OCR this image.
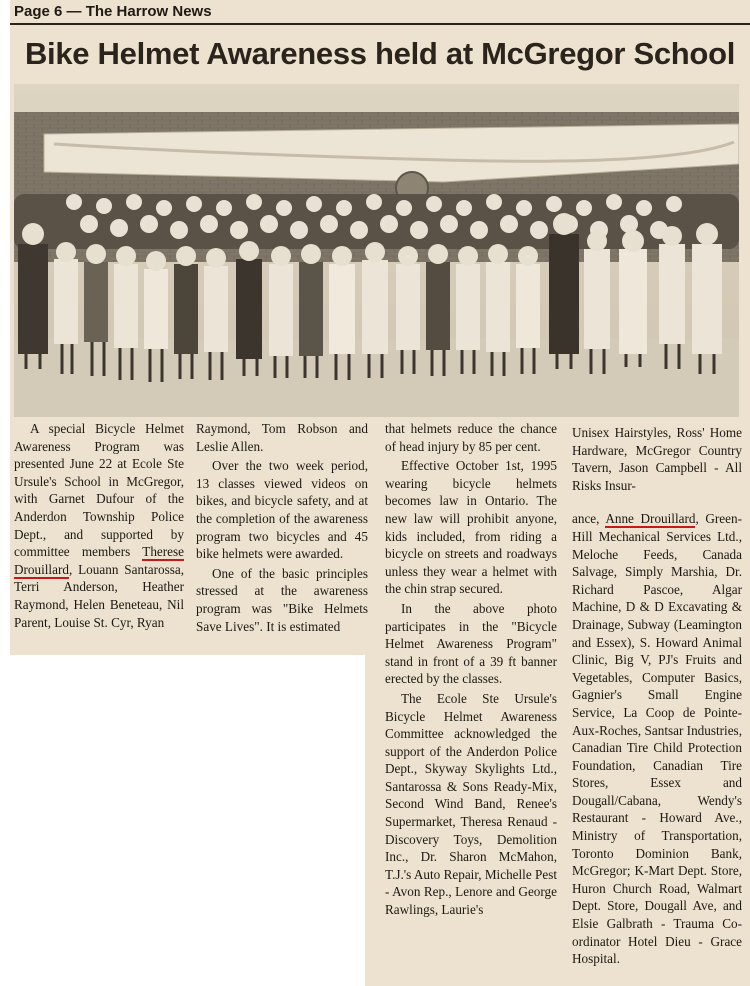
Page 6 — The Harrow News
Bike Helmet Awareness held at McGregor School

A special Bicycle Helmet Awareness Program was presented June 22 at Ecole Ste Ursule's School in McGregor, with Garnet Dufour of the Anderdon Township Police Dept., and supported by committee members Therese Drouillard, Louann Santarossa, Terri Anderson, Heather Raymond, Helen Beneteau, Nil Parent, Louise St. Cyr, Ryan

Raymond, Tom Robson and Leslie Allen.

Over the two week period, 13 classes viewed videos on bikes, and bicycle safety, and at the completion of the awareness program two bicycles and 45 bike helmets were awarded.

One of the basic principles stressed at the awareness program was "Bike Helmets Save Lives". It is estimated

that helmets reduce the chance of head injury by 85 per cent.

Effective October 1st, 1995 wearing bicycle helmets becomes law in Ontario. The new law will prohibit anyone, kids included, from riding a bicycle on streets and roadways unless they wear a helmet with the chin strap secured.

In the above photo participates in the "Bicycle Helmet Awareness Program" stand in front of a 39 ft banner erected by the classes.

The Ecole Ste Ursule's Bicycle Helmet Awareness Committee acknowledged the support of the Anderdon Police Dept., Skyway Skylights Ltd., Santarossa & Sons Ready-Mix, Second Wind Band, Renee's Supermarket, Theresa Renaud - Discovery Toys, Demolition Inc., Dr. Sharon McMahon, T.J.'s Auto Repair, Michelle Pest - Avon Rep., Lenore and George Rawlings, Laurie's

Unisex Hairstyles, Ross' Home Hardware, McGregor Country Tavern, Jason Campbell - All Risks Insur-

ance, Anne Drouillard, Green-Hill Mechanical Services Ltd., Meloche Feeds, Canada Salvage, Simply Marshia, Dr. Richard Pascoe, Algar Machine, D & D Excavating & Drainage, Subway (Leamington and Essex), S. Howard Animal Clinic, Big V, PJ's Fruits and Vegetables, Computer Basics, Gagnier's Small Engine Service, La Coop de Pointe-Aux-Roches, Santsar Industries, Canadian Tire Child Protection Foundation, Canadian Tire Stores, Essex and Dougall/Cabana, Wendy's Restaurant - Howard Ave., Ministry of Transportation, Toronto Dominion Bank, McGregor; K-Mart Dept. Store, Huron Church Road, Walmart Dept. Store, Dougall Ave, and Elsie Galbrath - Trauma Co-ordinator Hotel Dieu - Grace Hospital.
